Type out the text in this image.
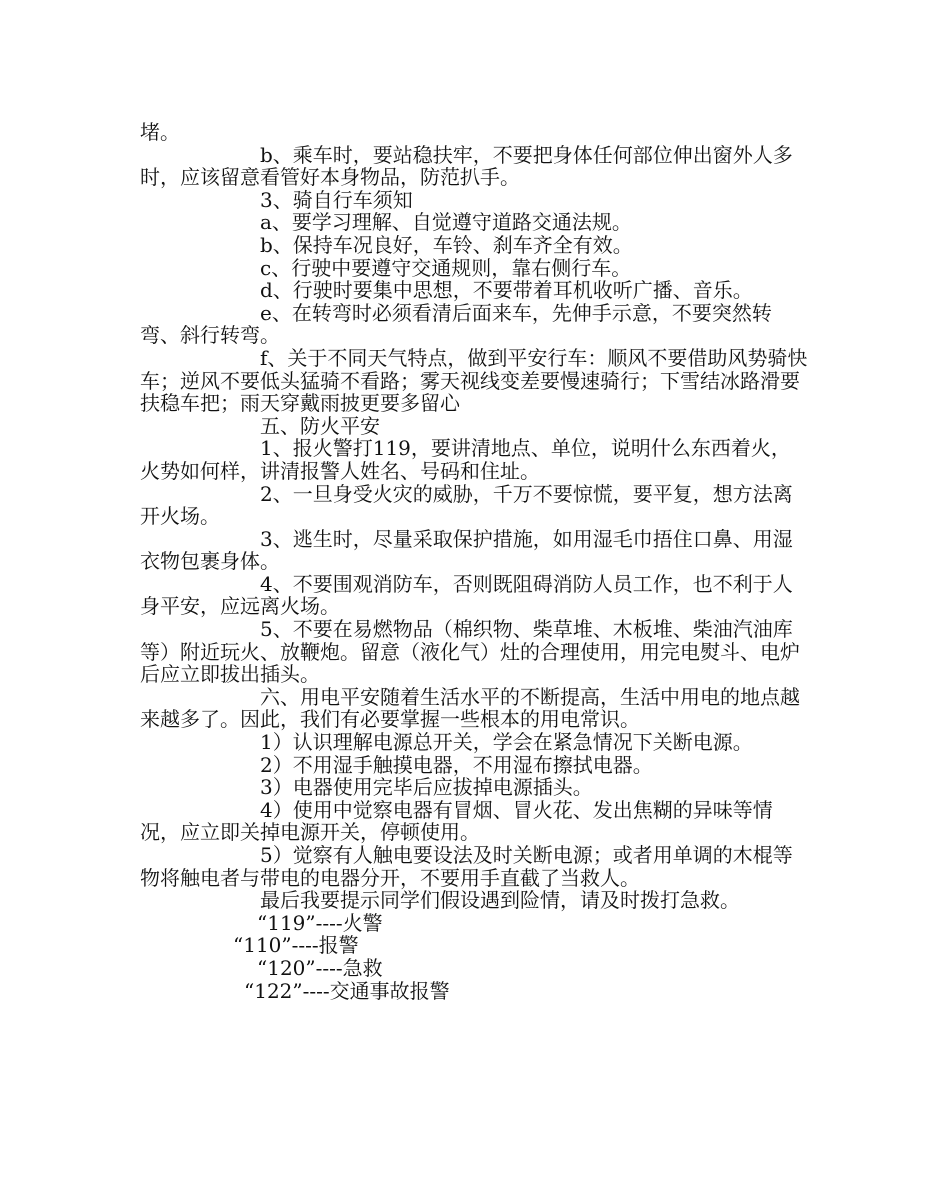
堵。

b、乘车时，要站稳扶牢，不要把身体任何部位伸出窗外人多时，应该留意看管好本身物品，防范扒手。

3、骑自行车须知

a、要学习理解、自觉遵守道路交通法规。

b、保持车况良好，车铃、刹车齐全有效。

c、行驶中要遵守交通规则，靠右侧行车。

d、行驶时要集中思想，不要带着耳机收听广播、音乐。

e、在转弯时必须看清后面来车，先伸手示意，不要突然转弯、斜行转弯。

f、关于不同天气特点，做到平安行车：顺风不要借助风势骑快车；逆风不要低头猛骑不看路；雾天视线变差要慢速骑行；下雪结冰路滑要扶稳车把；雨天穿戴雨披更要多留心

五、防火平安

1、报火警打119，要讲清地点、单位，说明什么东西着火，火势如何样，讲清报警人姓名、号码和住址。

2、一旦身受火灾的威胁，千万不要惊慌，要平复，想方法离开火场。

3、逃生时，尽量采取保护措施，如用湿毛巾捂住口鼻、用湿衣物包裹身体。

4、不要围观消防车，否则既阻碍消防人员工作，也不利于人身平安，应远离火场。

5、不要在易燃物品（棉织物、柴草堆、木板堆、柴油汽油库等）附近玩火、放鞭炮。留意（液化气）灶的合理使用，用完电熨斗、电炉后应立即拔出插头。

六、用电平安随着生活水平的不断提高，生活中用电的地点越来越多了。因此，我们有必要掌握一些根本的用电常识。

1）认识理解电源总开关，学会在紧急情况下关断电源。

2）不用湿手触摸电器，不用湿布擦拭电器。

3）电器使用完毕后应拔掉电源插头。

4）使用中觉察电器有冒烟、冒火花、发出焦糊的异味等情况，应立即关掉电源开关，停顿使用。

5）觉察有人触电要设法及时关断电源；或者用单调的木棍等物将触电者与带电的电器分开，不要用手直截了当救人。

最后我要提示同学们假设遇到险情，请及时拨打急救。

“119”----火警
“110”----报警
“120”----急救
“122”----交通事故报警
